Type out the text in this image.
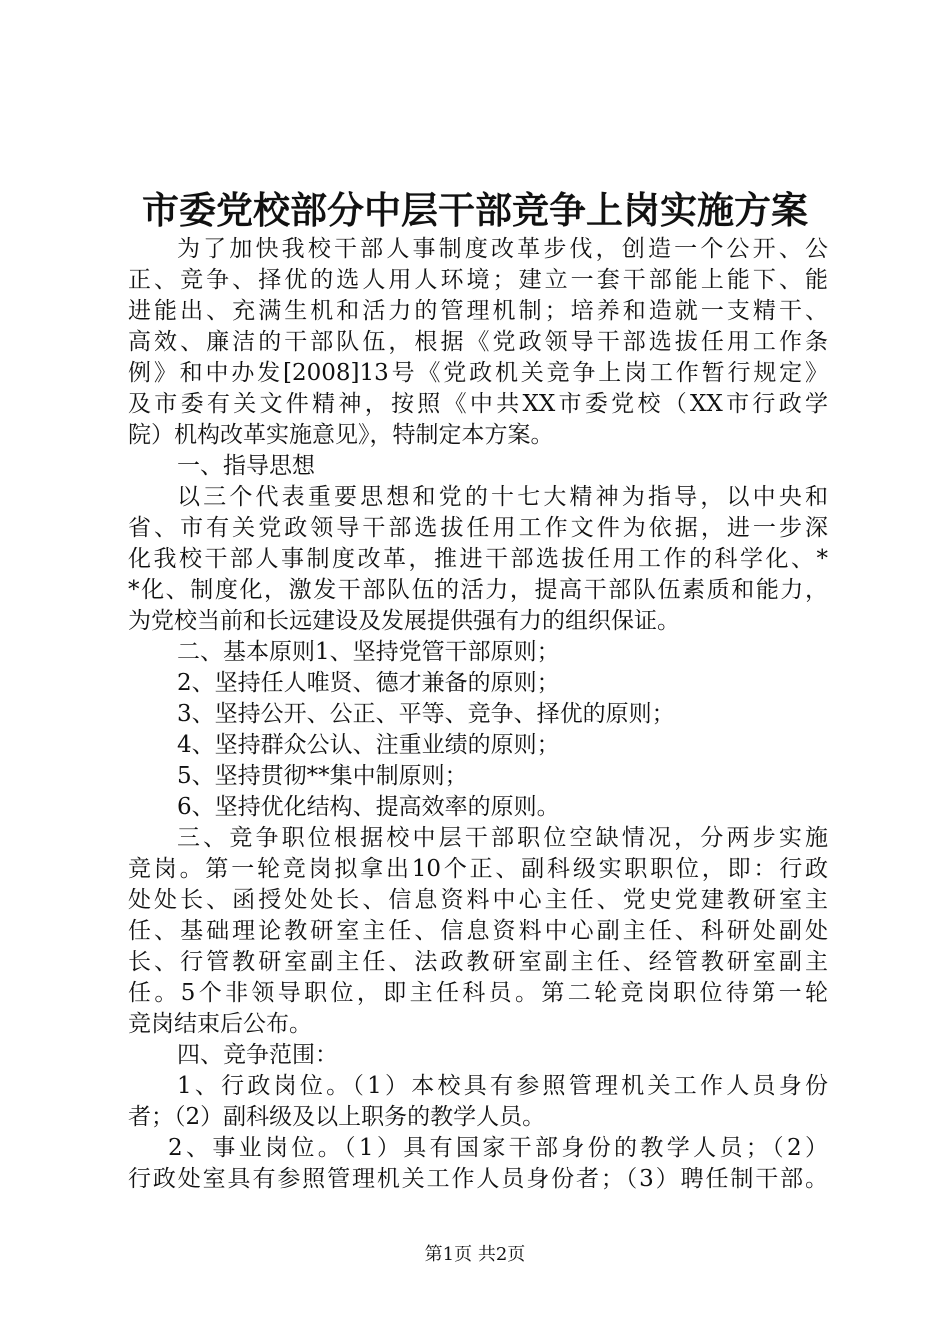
市委党校部分中层干部竞争上岗实施方案
为了加快我校干部人事制度改革步伐，创造一个公开、公
正、竞争、择优的选人用人环境；建立一套干部能上能下、能
进能出、充满生机和活力的管理机制；培养和造就一支精干、
高效、廉洁的干部队伍，根据《党政领导干部选拔任用工作条
例》和中办发[2008]13号《党政机关竞争上岗工作暂行规定》
及市委有关文件精神，按照《中共XX市委党校（XX市行政学
院）机构改革实施意见》，特制定本方案。
一、指导思想
以三个代表重要思想和党的十七大精神为指导，以中央和
省、市有关党政领导干部选拔任用工作文件为依据，进一步深
化我校干部人事制度改革，推进干部选拔任用工作的科学化、*
*化、制度化，激发干部队伍的活力，提高干部队伍素质和能力，
为党校当前和长远建设及发展提供强有力的组织保证。
二、基本原则1、坚持党管干部原则；
2、坚持任人唯贤、德才兼备的原则；
3、坚持公开、公正、平等、竞争、择优的原则；
4、坚持群众公认、注重业绩的原则；
5、坚持贯彻**集中制原则；
6、坚持优化结构、提高效率的原则。
三、竞争职位根据校中层干部职位空缺情况，分两步实施
竞岗。第一轮竞岗拟拿出10个正、副科级实职职位，即：行政
处处长、函授处处长、信息资料中心主任、党史党建教研室主
任、基础理论教研室主任、信息资料中心副主任、科研处副处
长、行管教研室副主任、法政教研室副主任、经管教研室副主
任。5个非领导职位，即主任科员。第二轮竞岗职位待第一轮
竞岗结束后公布。
四、竞争范围：
1、行政岗位。（1）本校具有参照管理机关工作人员身份
者；（2）副科级及以上职务的教学人员。
2、事业岗位。（1）具有国家干部身份的教学人员；（2）
行政处室具有参照管理机关工作人员身份者；（3）聘任制干部。
第1页 共2页
